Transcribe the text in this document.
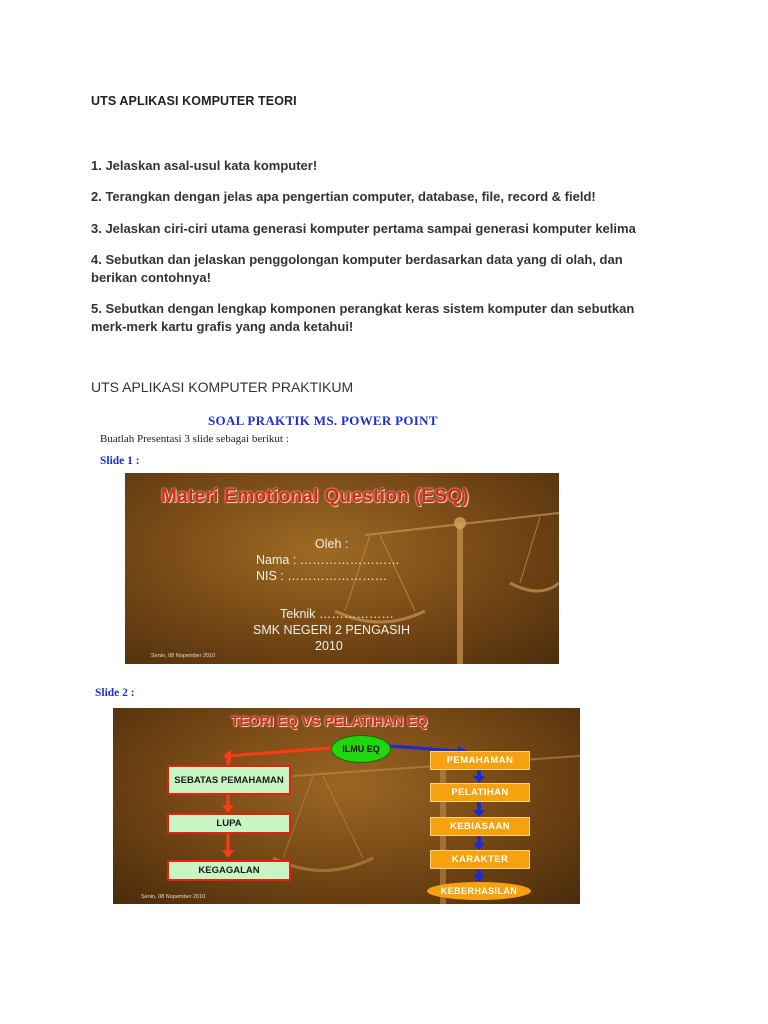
UTS APLIKASI KOMPUTER TEORI
1. Jelaskan asal-usul kata komputer!
2. Terangkan dengan jelas apa pengertian computer, database, file, record & field!
3. Jelaskan ciri-ciri utama generasi komputer pertama sampai generasi komputer kelima
4. Sebutkan dan jelaskan penggolongan komputer berdasarkan data yang di olah, dan berikan contohnya!
5. Sebutkan dengan lengkap komponen perangkat keras sistem komputer dan sebutkan merk-merk kartu grafis yang anda ketahui!
UTS APLIKASI KOMPUTER PRAKTIKUM
SOAL PRAKTIK MS. POWER POINT
Buatlah Presentasi 3 slide sebagai berikut :
Slide 1 :
Materi Emotional Question (ESQ)
Oleh :
Nama : ……………………
NIS : ……………………
Teknik ………………
SMK NEGERI 2 PENGASIH
2010
Senin, 08 Nopember 2010
Slide 2 :
TEORI EQ VS PELATIHAN EQ
ILMU EQ
SEBATAS PEMAHAMAN
LUPA
KEGAGALAN
PEMAHAMAN
PELATIHAN
KEBIASAAN
KARAKTER
KEBERHASILAN
Senin, 08 Nopember 2010
